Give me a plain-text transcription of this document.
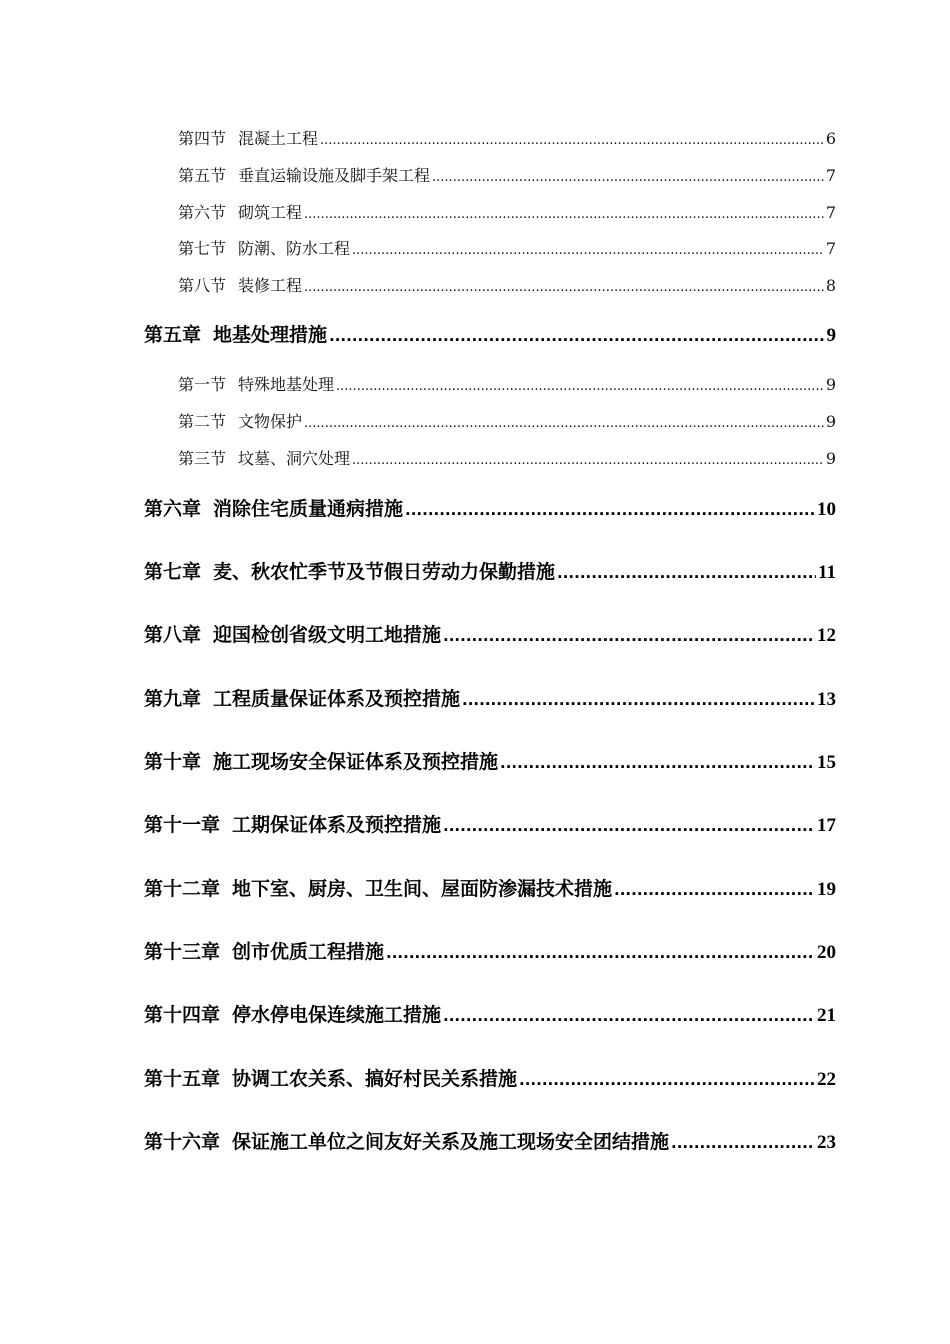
第四节 混凝土工程 .....	6
第五节 垂直运输设施及脚手架工程 .....	7
第六节 砌筑工程 .....	7
第七节 防潮、防水工程 .....	7
第八节 装修工程 .....	8
第五章 地基处理措施 .....	9
第一节 特殊地基处理 .....	9
第二节 文物保护 .....	9
第三节 坟墓、洞穴处理 .....	9
第六章 消除住宅质量通病措施 .....	10
第七章 麦、秋农忙季节及节假日劳动力保勤措施 .....	11
第八章 迎国检创省级文明工地措施 .....	12
第九章 工程质量保证体系及预控措施 .....	13
第十章 施工现场安全保证体系及预控措施 .....	15
第十一章 工期保证体系及预控措施 .....	17
第十二章 地下室、厨房、卫生间、屋面防渗漏技术措施 .....	19
第十三章 创市优质工程措施 .....	20
第十四章 停水停电保连续施工措施 .....	21
第十五章 协调工农关系、搞好村民关系措施 .....	22
第十六章 保证施工单位之间友好关系及施工现场安全团结措施 .....	23
